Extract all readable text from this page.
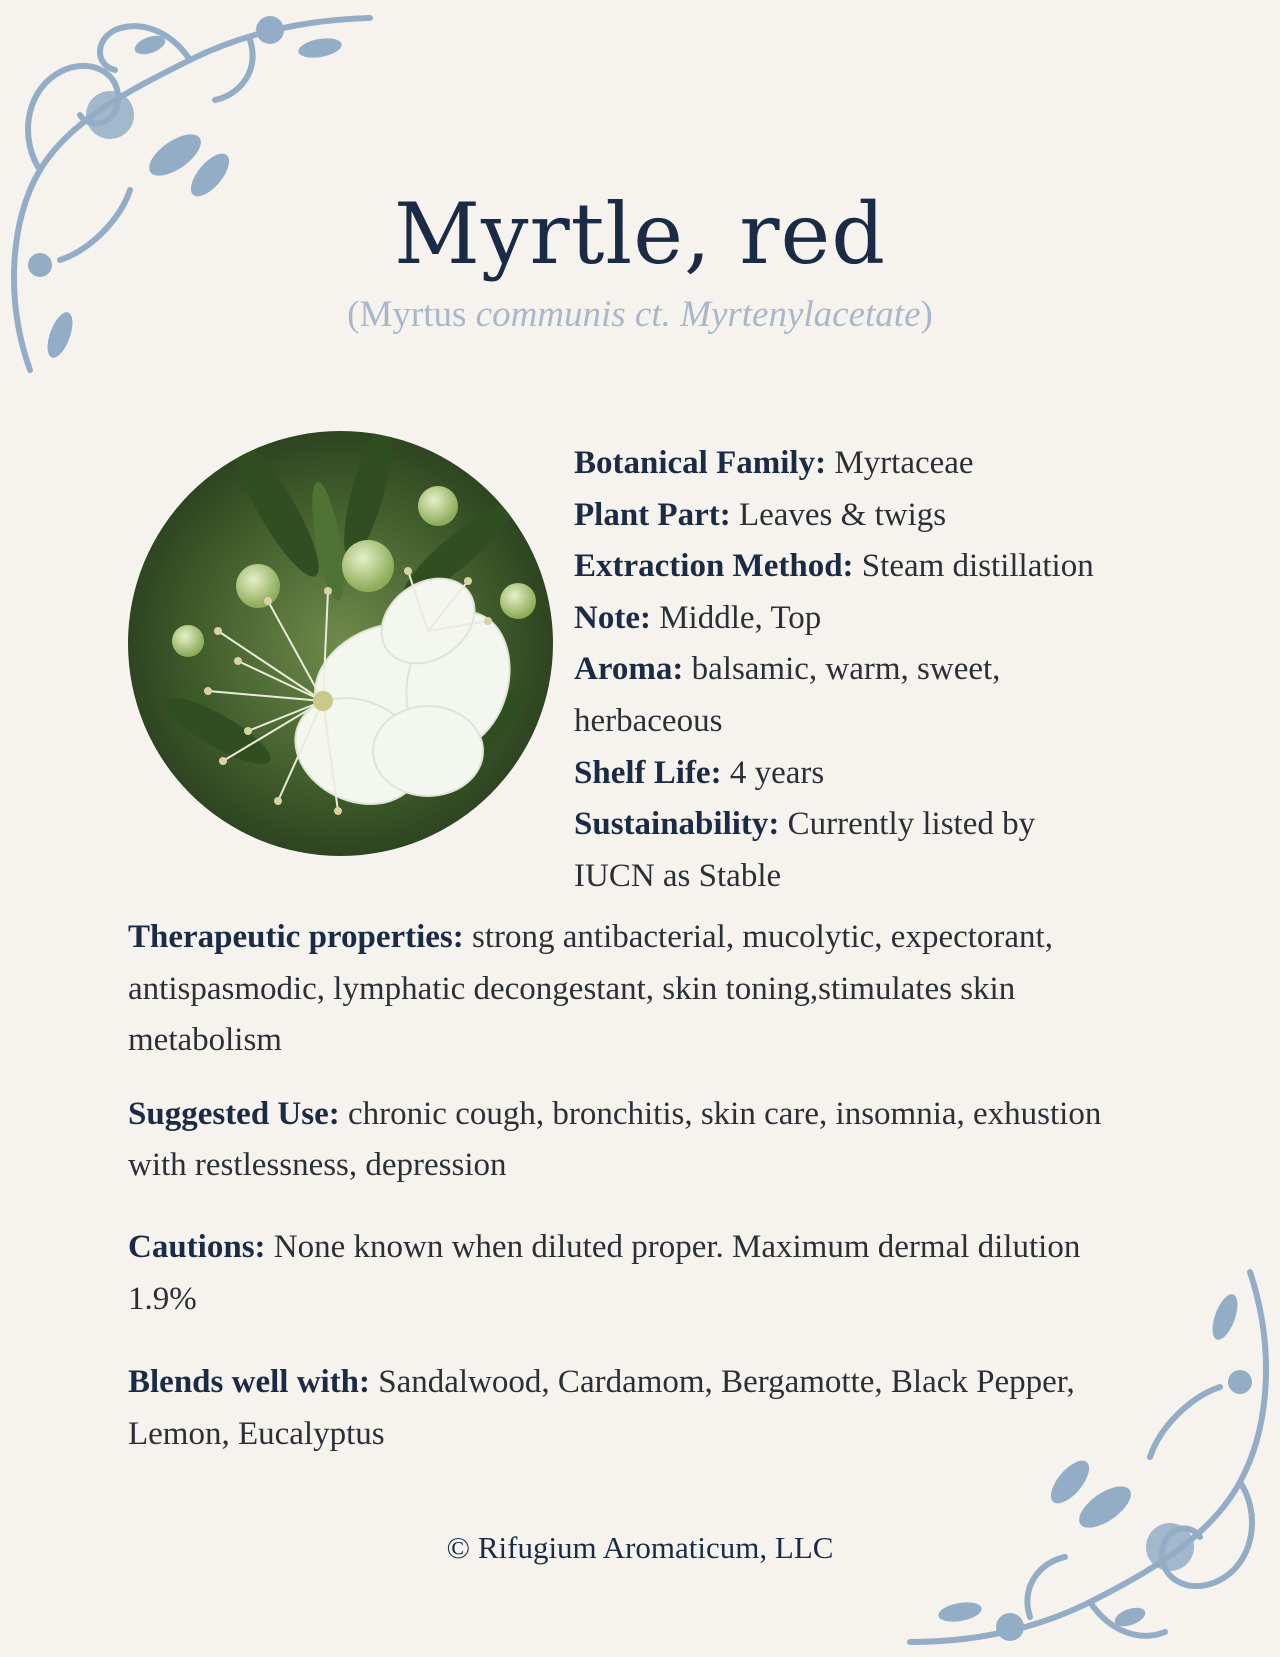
Myrtle, red
(Myrtus communis ct. Myrtenylacetate)
Botanical Family: Myrtaceae
Plant Part: Leaves & twigs
Extraction Method: Steam distillation
Note: Middle, Top
Aroma: balsamic, warm, sweet, herbaceous
Shelf Life: 4 years
Sustainability: Currently listed by IUCN as Stable

Therapeutic properties: strong antibacterial, mucolytic, expectorant, antispasmodic, lymphatic decongestant, skin toning,stimulates skin metabolism

Suggested Use: chronic cough, bronchitis, skin care, insomnia, exhustion with restlessness, depression

Cautions: None known when diluted proper. Maximum dermal dilution 1.9%

Blends well with: Sandalwood, Cardamom, Bergamotte, Black Pepper, Lemon, Eucalyptus

© Rifugium Aromaticum, LLC
